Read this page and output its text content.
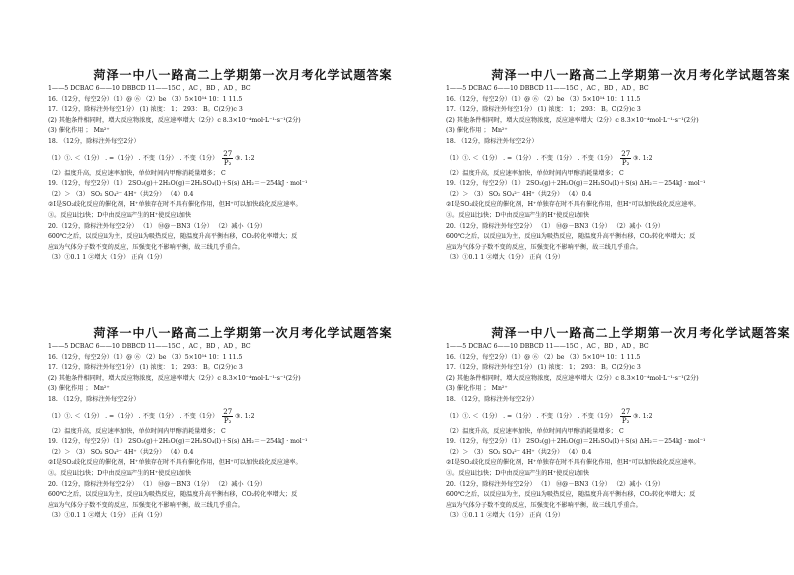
菏泽一中八一路高二上学期第一次月考化学试题答案
1——5 DCBAC 6——10 DBBCD 11——15C ，AC ，BD ，AD ，BC
16.（12分，每空2分）（1）@ ⑥ （2）be （3）5×10¹⁴ 10：1 11.5
17.（12分，除标注外每空1分） (1) 浓度： 1； 293： B。C(2分)c 3
(2) 其他条件相同时，增大反应物浓度，反应速率增大（2分）c 8.3×10⁻⁴mol·L⁻¹·s⁻¹(2分)
(3) 催化作用 ； Mn²⁺
18. （12分，除标注外每空2分）
（1）①. ＜（1分） . =（1分） . 不变（1分） . 不变（1分） $\frac{27}{\text{P₂}}$ ③. 1:2
（2）温度升高，反应速率加快，单位时间内甲醇消耗量增多； C
19.（12分，每空2分）（1） 2SO₂(g)＋2H₂O(g)＝2H₂SO₄(l)＋S(s) ΔH₂＝－254kJ · mol⁻¹
（2）＞ （3） SO₂ SO₄²⁻ 4H⁺（共2分） （4）0.4
②I是SO₂歧化反应的催化剂，H⁺单独存在时不具有催化作用，但H⁺可以加快歧化反应速率。
③。反应ii比i快；D中由反应ii产生的H⁺使反应i加快
20.（12分，除标注外每空2分） （1） Ⓜ@－BN3（1分） （2）减小（1分）
600℃之后，以反应ii为主，反应ii为吸热反应，随温度升高平衡右移，CO₂转化率增大；反
应ii为气体分子数不变的反应，压强变化不影响平衡，故三线几乎重合。
（3）①0.1 1 ②增大（1分） 正向（1分）
菏泽一中八一路高二上学期第一次月考化学试题答案
1——5 DCBAC 6——10 DBBCD 11——15C ，AC ，BD ，AD ，BC
16.（12分，每空2分）（1）@ ⑥ （2）be （3）5×10¹⁴ 10：1 11.5
17.（12分，除标注外每空1分） (1) 浓度： 1； 293： B。C(2分)c 3
(2) 其他条件相同时，增大反应物浓度，反应速率增大（2分）c 8.3×10⁻⁴mol·L⁻¹·s⁻¹(2分)
(3) 催化作用 ； Mn²⁺
18. （12分，除标注外每空2分）
（1）①. ＜（1分） . =（1分） . 不变（1分） . 不变（1分） $\frac{27}{\text{P₂}}$ ③. 1:2
（2）温度升高，反应速率加快，单位时间内甲醇消耗量增多； C
19.（12分，每空2分）（1） 2SO₂(g)＋2H₂O(g)＝2H₂SO₄(l)＋S(s) ΔH₂＝－254kJ · mol⁻¹
（2）＞ （3） SO₂ SO₄²⁻ 4H⁺（共2分） （4）0.4
②I是SO₂歧化反应的催化剂，H⁺单独存在时不具有催化作用，但H⁺可以加快歧化反应速率。
③。反应ii比i快；D中由反应ii产生的H⁺使反应i加快
20.（12分，除标注外每空2分） （1） Ⓜ@－BN3（1分） （2）减小（1分）
600℃之后，以反应ii为主，反应ii为吸热反应，随温度升高平衡右移，CO₂转化率增大；反
应ii为气体分子数不变的反应，压强变化不影响平衡，故三线几乎重合。
（3）①0.1 1 ②增大（1分） 正向（1分）
菏泽一中八一路高二上学期第一次月考化学试题答案
1——5 DCBAC 6——10 DBBCD 11——15C ，AC ，BD ，AD ，BC
16.（12分，每空2分）（1）@ ⑥ （2）be （3）5×10¹⁴ 10：1 11.5
17.（12分，除标注外每空1分） (1) 浓度： 1； 293： B。C(2分)c 3
(2) 其他条件相同时，增大反应物浓度，反应速率增大（2分）c 8.3×10⁻⁴mol·L⁻¹·s⁻¹(2分)
(3) 催化作用 ； Mn²⁺
18. （12分，除标注外每空2分）
（1）①. ＜（1分） . =（1分） . 不变（1分） . 不变（1分） $\frac{27}{\text{P₂}}$ ③. 1:2
（2）温度升高，反应速率加快，单位时间内甲醇消耗量增多； C
19.（12分，每空2分）（1） 2SO₂(g)＋2H₂O(g)＝2H₂SO₄(l)＋S(s) ΔH₂＝－254kJ · mol⁻¹
（2）＞ （3） SO₂ SO₄²⁻ 4H⁺（共2分） （4）0.4
②I是SO₂歧化反应的催化剂，H⁺单独存在时不具有催化作用，但H⁺可以加快歧化反应速率。
③。反应ii比i快；D中由反应ii产生的H⁺使反应i加快
20.（12分，除标注外每空2分） （1） Ⓜ@－BN3（1分） （2）减小（1分）
600℃之后，以反应ii为主，反应ii为吸热反应，随温度升高平衡右移，CO₂转化率增大；反
应ii为气体分子数不变的反应，压强变化不影响平衡，故三线几乎重合。
（3）①0.1 1 ②增大（1分） 正向（1分）
菏泽一中八一路高二上学期第一次月考化学试题答案
1——5 DCBAC 6——10 DBBCD 11——15C ，AC ，BD ，AD ，BC
16.（12分，每空2分）（1）@ ⑥ （2）be （3）5×10¹⁴ 10：1 11.5
17.（12分，除标注外每空1分） (1) 浓度： 1； 293： B。C(2分)c 3
(2) 其他条件相同时，增大反应物浓度，反应速率增大（2分）c 8.3×10⁻⁴mol·L⁻¹·s⁻¹(2分)
(3) 催化作用 ； Mn²⁺
18. （12分，除标注外每空2分）
（1）①. ＜（1分） . =（1分） . 不变（1分） . 不变（1分） $\frac{27}{\text{P₂}}$ ③. 1:2
（2）温度升高，反应速率加快，单位时间内甲醇消耗量增多； C
19.（12分，每空2分）（1） 2SO₂(g)＋2H₂O(g)＝2H₂SO₄(l)＋S(s) ΔH₂＝－254kJ · mol⁻¹
（2）＞ （3） SO₂ SO₄²⁻ 4H⁺（共2分） （4）0.4
②I是SO₂歧化反应的催化剂，H⁺单独存在时不具有催化作用，但H⁺可以加快歧化反应速率。
③。反应ii比i快；D中由反应ii产生的H⁺使反应i加快
20.（12分，除标注外每空2分） （1） Ⓜ@－BN3（1分） （2）减小（1分）
600℃之后，以反应ii为主，反应ii为吸热反应，随温度升高平衡右移，CO₂转化率增大；反
应ii为气体分子数不变的反应，压强变化不影响平衡，故三线几乎重合。
（3）①0.1 1 ②增大（1分） 正向（1分）
